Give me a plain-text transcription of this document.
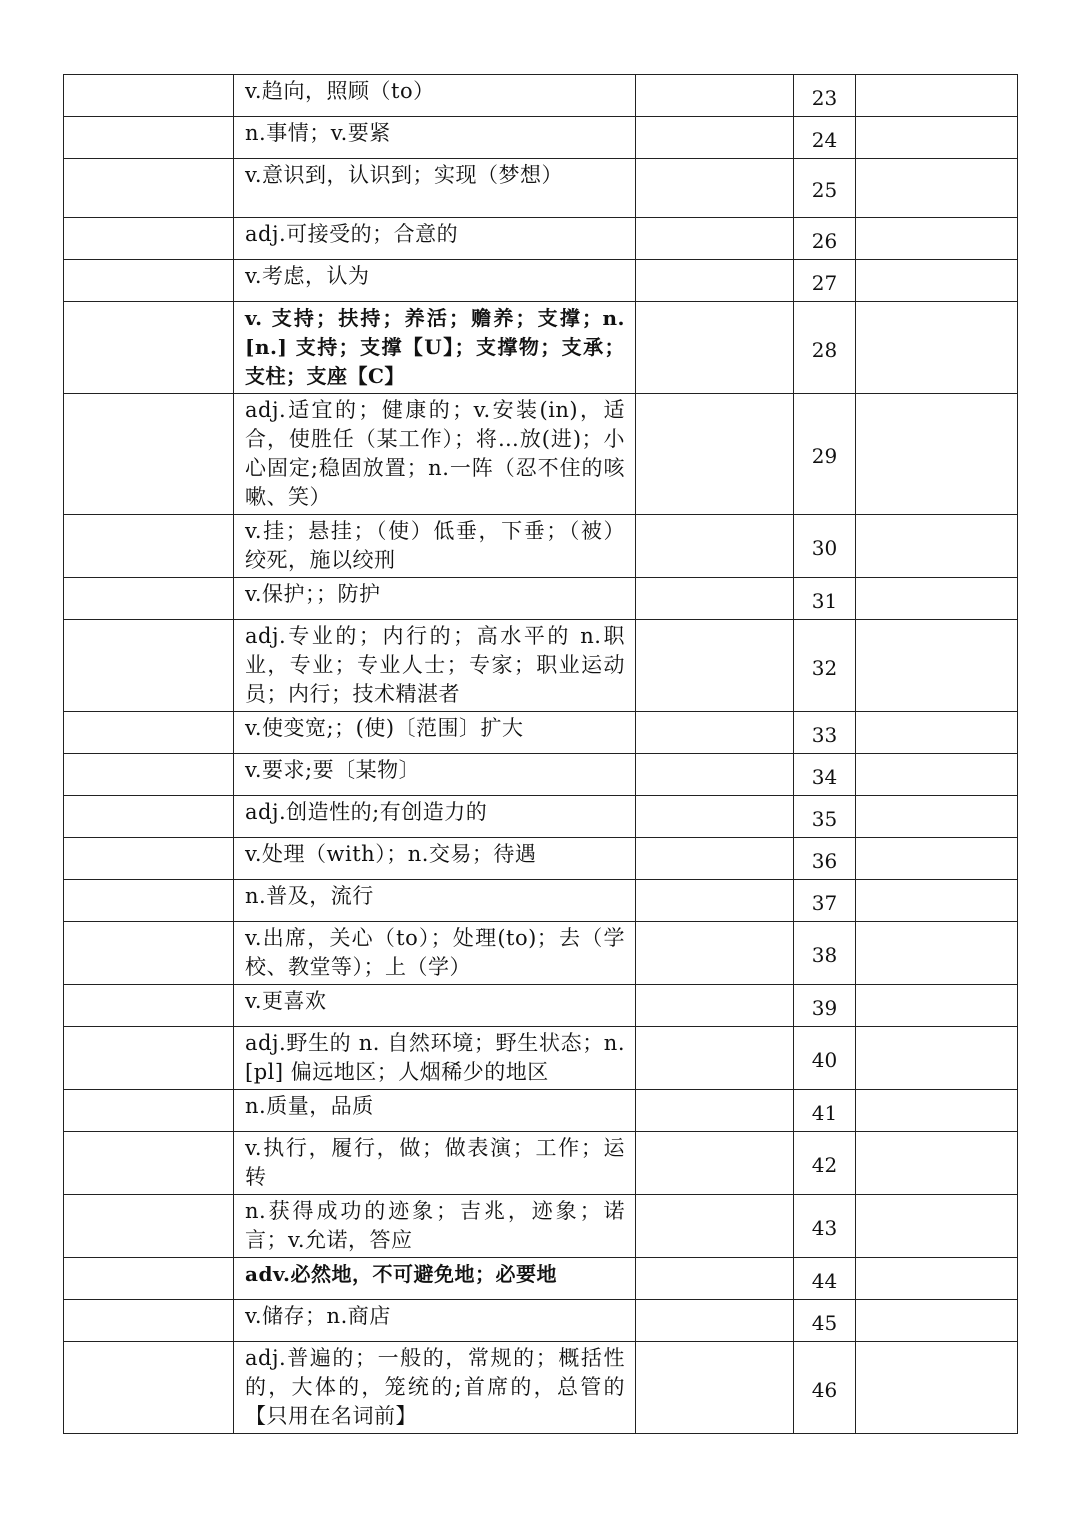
	v.趋向，照顾（to）		23	
	n.事情；v.要紧		24	
	v.意识到，认识到；实现（梦想）		25	
	adj.可接受的；合意的		26	
	v.考虑，认为		27	
	v. 支持；扶持；养活；赡养；支撑；n.　[n.] 支持；支撑【U】；支撑物；支承；支柱；支座【C】		28	
	adj.适宜的；健康的；v.安装(in)，适合，使胜任（某工作）；将…放(进)；小心固定;稳固放置；n.一阵（忍不住的咳嗽、笑）		29	
	v.挂；悬挂；（使）低垂，下垂；（被）绞死，施以绞刑		30	
	v.保护；；防护		31	
	adj.专业的；内行的；高水平的 n.职业，专业；专业人士；专家；职业运动员；内行；技术精湛者		32	
	v.使变宽;；(使)〔范围〕扩大		33	
	v.要求;要〔某物〕		34	
	adj.创造性的;有创造力的		35	
	v.处理（with）；n.交易；待遇		36	
	n.普及，流行		37	
	v.出席，关心（to）；处理(to)；去（学校、教堂等）；上（学）		38	
	v.更喜欢		39	
	adj.野生的 n. 自然环境；野生状态；n.[pl] 偏远地区；人烟稀少的地区		40	
	n.质量，品质		41	
	v.执行，履行，做；做表演；工作；运转		42	
	n.获得成功的迹象；吉兆，迹象；诺言；v.允诺，答应		43	
	adv.必然地，不可避免地；必要地		44	
	v.储存；n.商店		45	
	adj.普遍的；一般的，常规的；概括性的，大体的，笼统的;首席的，总管的【只用在名词前】		46	
